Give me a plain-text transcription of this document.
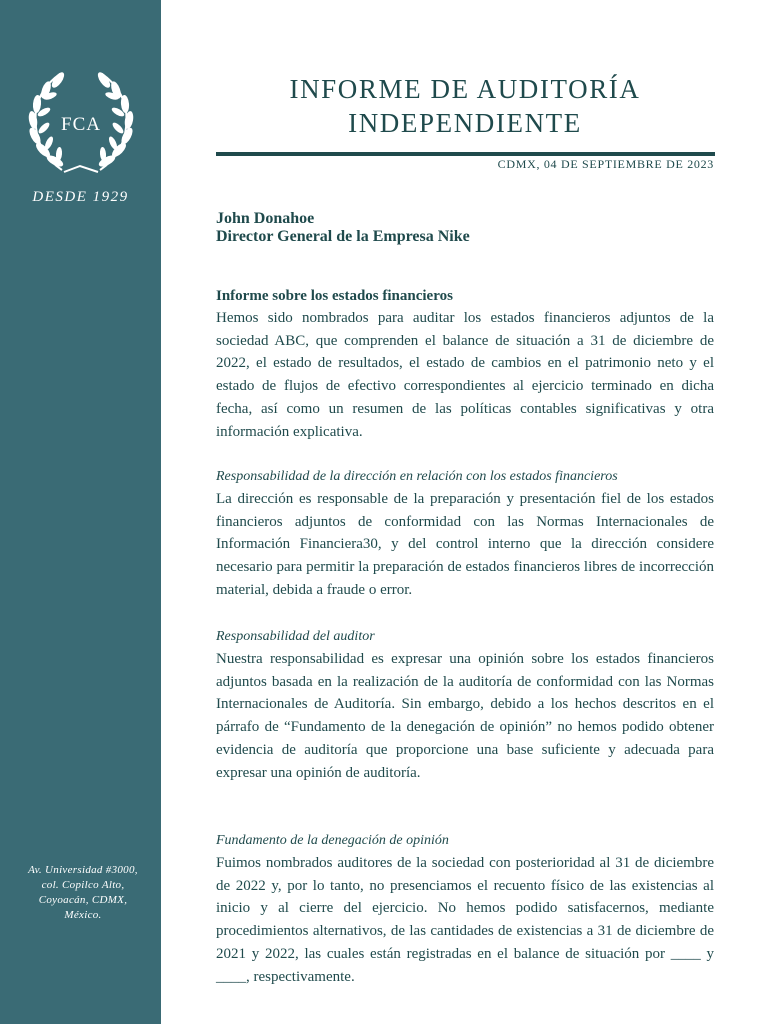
FCA
DESDE 1929
Av. Universidad #3000, col. Copilco Alto, Coyoacán, CDMX, México.
INFORME DE AUDITORÍA
INDEPENDIENTE
CDMX, 04 DE SEPTIEMBRE DE 2023
John Donahoe
Director General de la Empresa Nike
Informe sobre los estados financieros

Hemos sido nombrados para auditar los estados financieros adjuntos de la sociedad ABC, que comprenden el balance de situación a 31 de diciembre de 2022, el estado de resultados, el estado de cambios en el patrimonio neto y el estado de flujos de efectivo correspondientes al ejercicio terminado en dicha fecha, así como un resumen de las políticas contables significativas y otra información explicativa.

Responsabilidad de la dirección en relación con los estados financieros

La dirección es responsable de la preparación y presentación fiel de los estados financieros adjuntos de conformidad con las Normas Internacionales de Información Financiera30, y del control interno que la dirección considere necesario para permitir la preparación de estados financieros libres de incorrección material, debida a fraude o error.

Responsabilidad del auditor

Nuestra responsabilidad es expresar una opinión sobre los estados financieros adjuntos basada en la realización de la auditoría de conformidad con las Normas Internacionales de Auditoría. Sin embargo, debido a los hechos descritos en el párrafo de “Fundamento de la denegación de opinión” no hemos podido obtener evidencia de auditoría que proporcione una base suficiente y adecuada para expresar una opinión de auditoría.

Fundamento de la denegación de opinión

Fuimos nombrados auditores de la sociedad con posterioridad al 31 de diciembre de 2022 y, por lo tanto, no presenciamos el recuento físico de las existencias al inicio y al cierre del ejercicio. No hemos podido satisfacernos, mediante procedimientos alternativos, de las cantidades de existencias a 31 de diciembre de 2021 y 2022, las cuales están registradas en el balance de situación por ____ y ____, respectivamente.
